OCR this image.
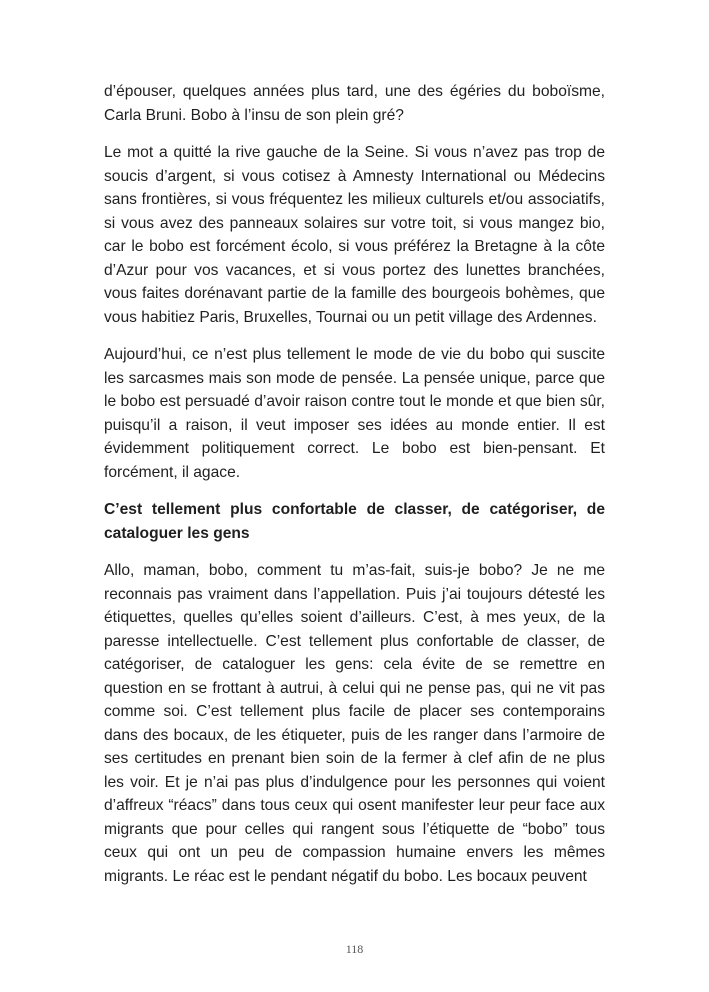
d’épouser, quelques années plus tard, une des égéries du boboïsme, Carla Bruni. Bobo à l’insu de son plein gré?

Le mot a quitté la rive gauche de la Seine. Si vous n’avez pas trop de soucis d’argent, si vous cotisez à Amnesty International ou Médecins sans frontières, si vous fréquentez les milieux culturels et/ou associatifs, si vous avez des panneaux solaires sur votre toit, si vous mangez bio, car le bobo est forcément écolo, si vous préférez la Bretagne à la côte d’Azur pour vos vacances, et si vous portez des lunettes branchées, vous faites dorénavant partie de la famille des bourgeois bohèmes, que vous habitiez Paris, Bruxelles, Tournai ou un petit village des Ardennes.

Aujourd’hui, ce n’est plus tellement le mode de vie du bobo qui suscite les sarcasmes mais son mode de pensée. La pensée unique, parce que le bobo est persuadé d’avoir raison contre tout le monde et que bien sûr, puisqu’il a raison, il veut imposer ses idées au monde entier. Il est évidemment politiquement correct. Le bobo est bien-pensant. Et forcément, il agace.

C’est tellement plus confortable de classer, de catégoriser, de cataloguer les gens

Allo, maman, bobo, comment tu m’as-fait, suis-je bobo? Je ne me reconnais pas vraiment dans l’appellation. Puis j’ai toujours détesté les étiquettes, quelles qu’elles soient d’ailleurs. C’est, à mes yeux, de la paresse intellectuelle. C’est tellement plus confortable de classer, de catégoriser, de cataloguer les gens: cela évite de se remettre en question en se frottant à autrui, à celui qui ne pense pas, qui ne vit pas comme soi. C’est tellement plus facile de placer ses contemporains dans des bocaux, de les étiqueter, puis de les ranger dans l’armoire de ses certitudes en prenant bien soin de la fermer à clef afin de ne plus les voir. Et je n’ai pas plus d’indulgence pour les personnes qui voient d’affreux “réacs” dans tous ceux qui osent manifester leur peur face aux migrants que pour celles qui rangent sous l’étiquette de “bobo” tous ceux qui ont un peu de compassion humaine envers les mêmes migrants. Le réac est le pendant négatif du bobo. Les bocaux peuvent

118
